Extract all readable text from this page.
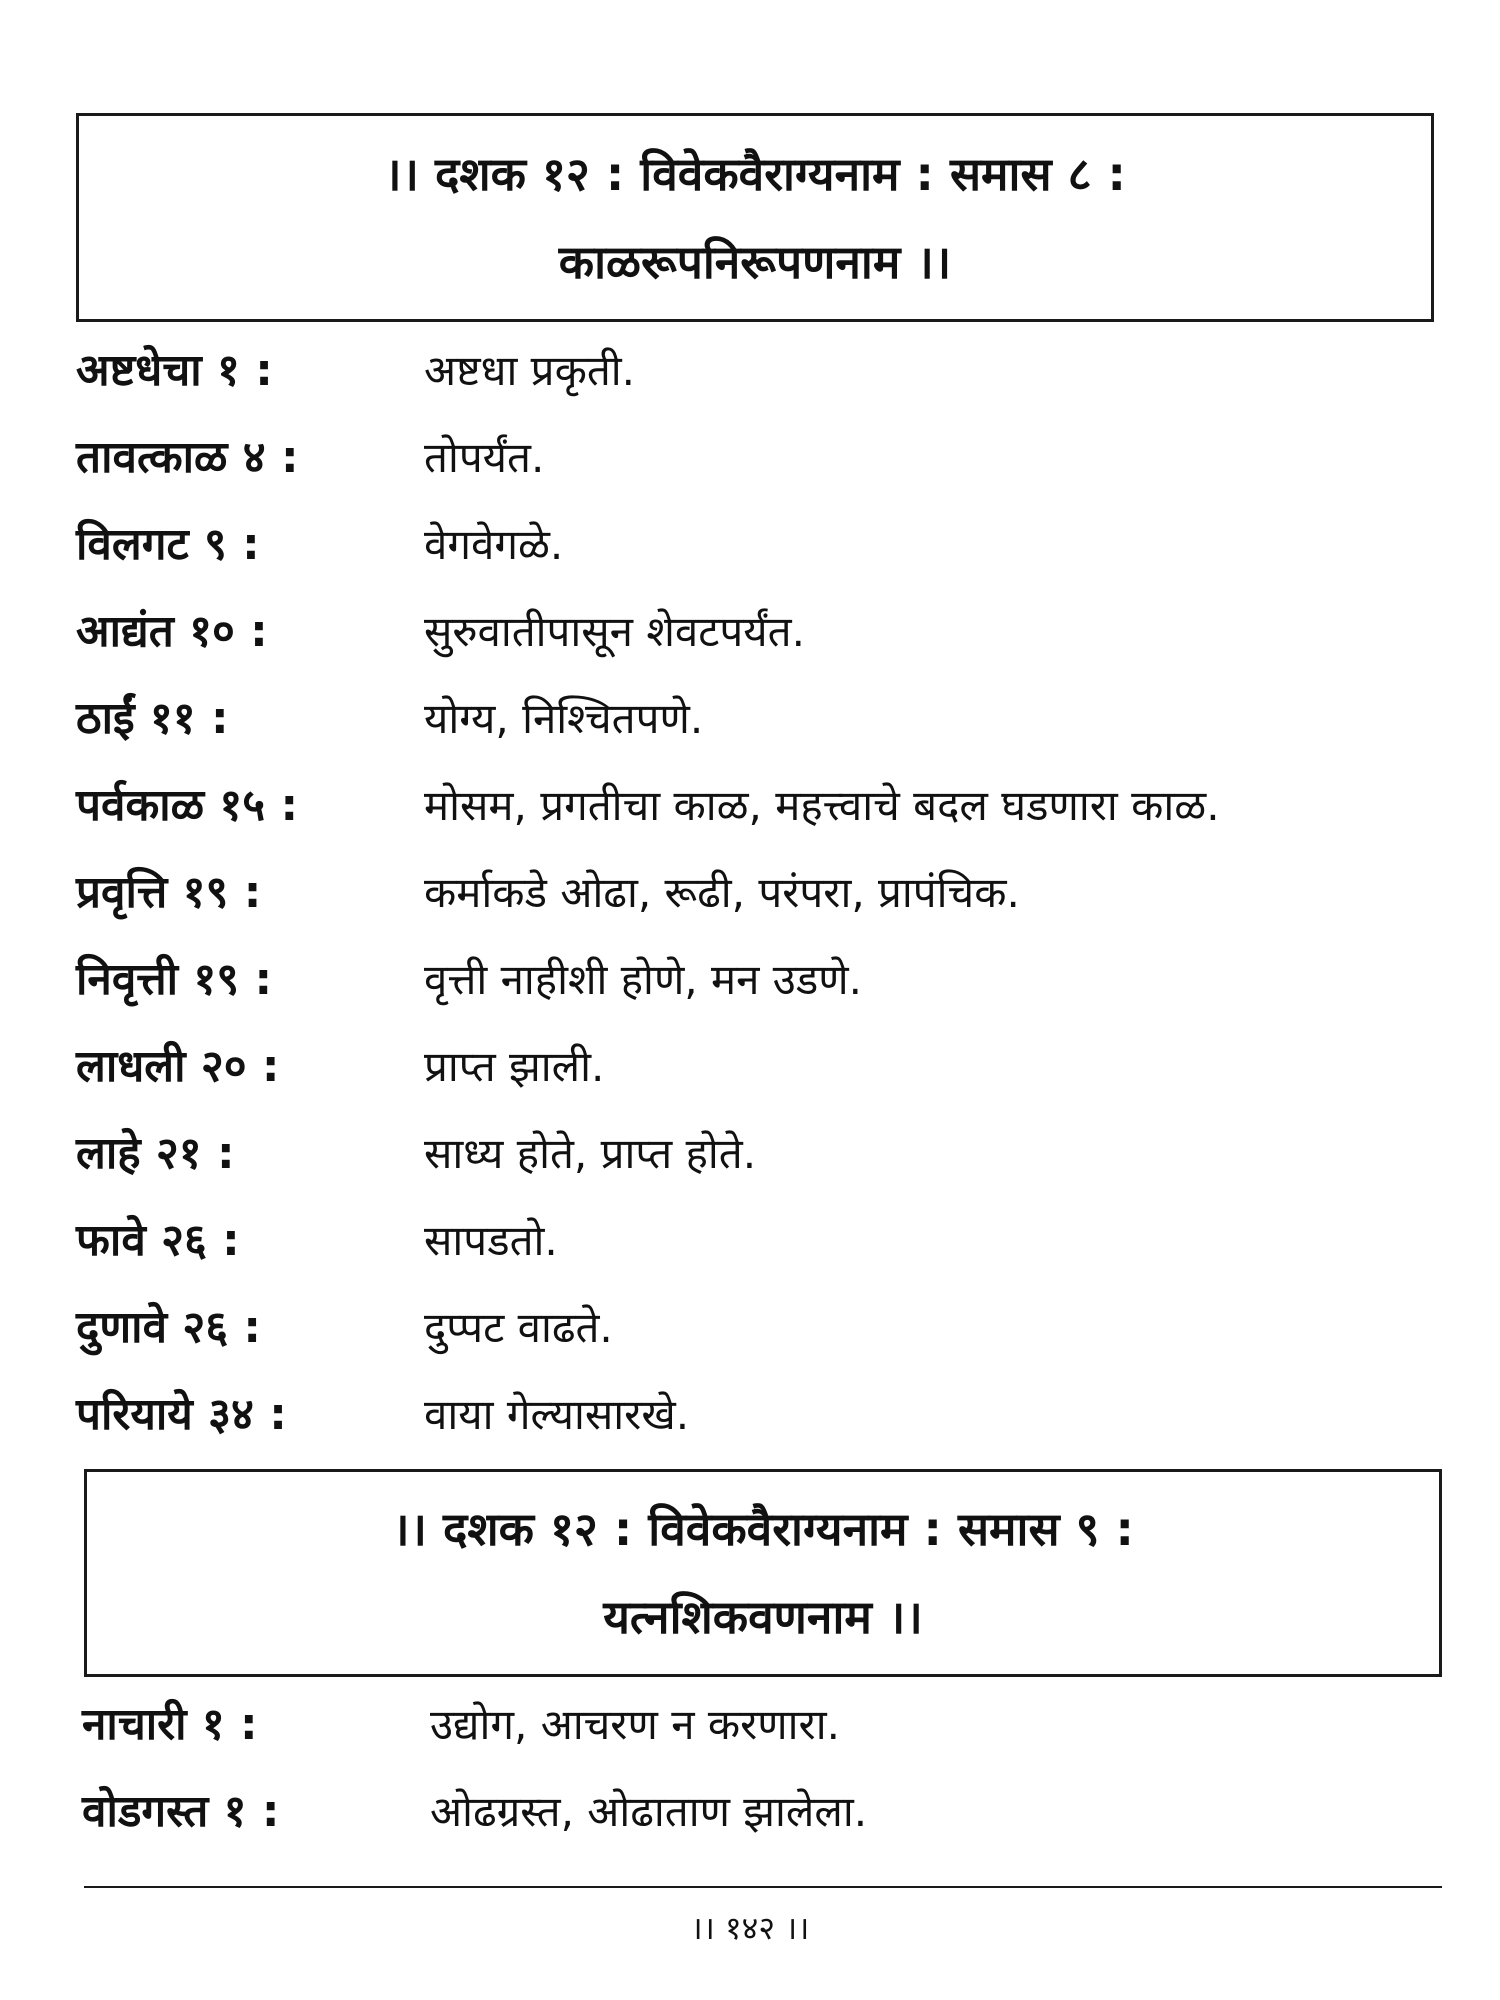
।। दशक १२ : विवेकवैराग्यनाम : समास ८ :
काळरूपनिरूपणनाम ।।
अष्टधेचा १ :	अष्टधा प्रकृती.
तावत्काळ ४ :	तोपर्यंत.
विलगट ९ :	वेगवेगळे.
आद्यंत १० :	सुरुवातीपासून शेवटपर्यंत.
ठाईं ११ :	योग्य, निश्चितपणे.
पर्वकाळ १५ :	मोसम, प्रगतीचा काळ, महत्त्वाचे बदल घडणारा काळ.
प्रवृत्ति १९ :	कर्माकडे ओढा, रूढी, परंपरा, प्रापंचिक.
निवृत्ती १९ :	वृत्ती नाहीशी होणे, मन उडणे.
लाधली २० :	प्राप्त झाली.
लाहे २१ :	साध्य होते, प्राप्त होते.
फावे २६ :	सापडतो.
दुणावे २६ :	दुप्पट वाढते.
परियाये ३४ :	वाया गेल्यासारखे.
।। दशक १२ : विवेकवैराग्यनाम : समास ९ :
यत्नशिकवणनाम ।।
नाचारी १ :	उद्योग, आचरण न करणारा.
वोडगस्त १ :	ओढग्रस्त, ओढाताण झालेला.
।। १४२ ।।
